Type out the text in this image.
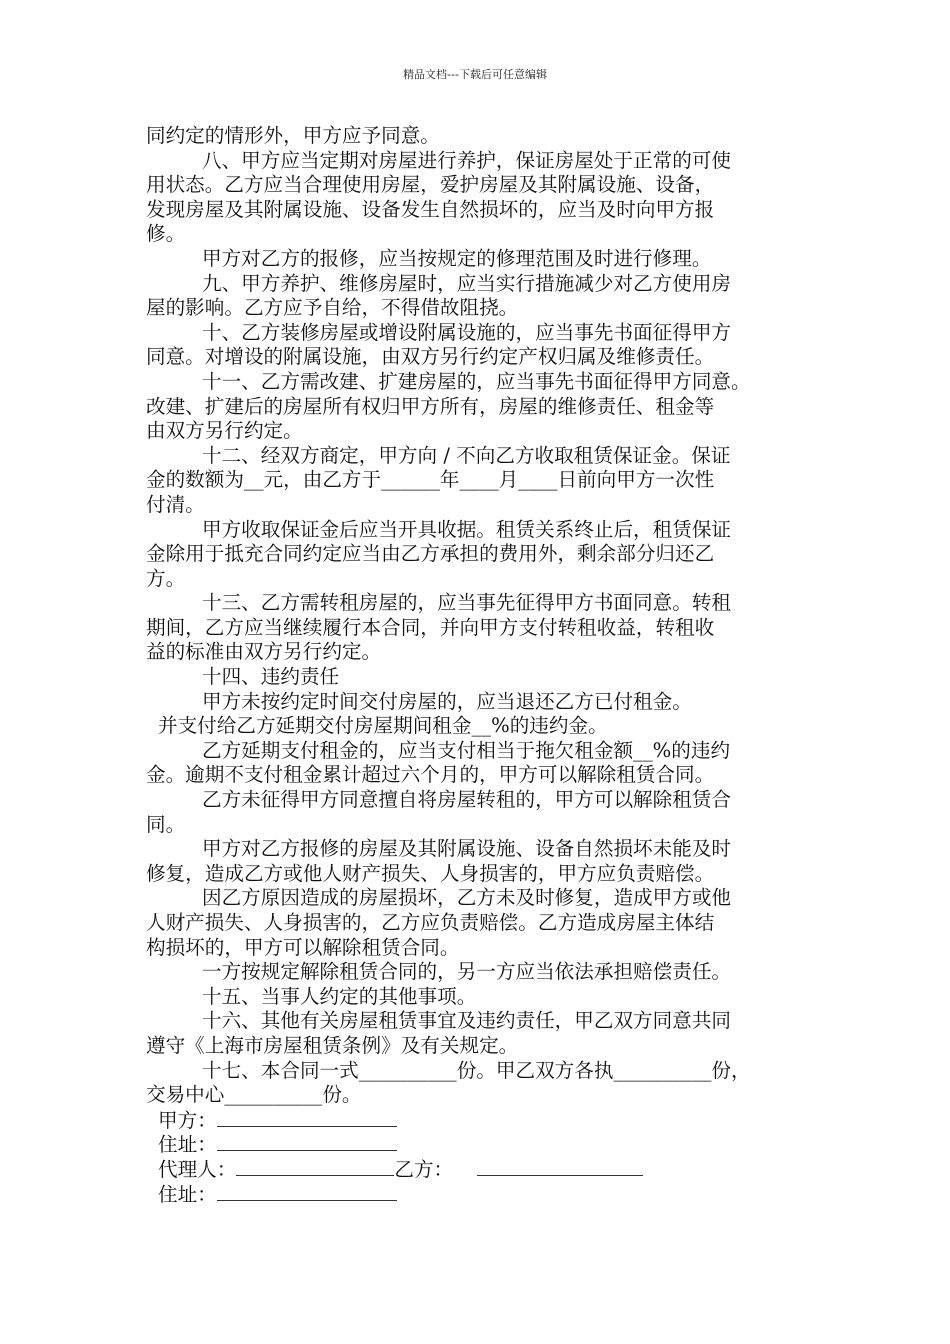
精品文档---下载后可任意编辑
同约定的情形外，甲方应予同意。
八、甲方应当定期对房屋进行养护，保证房屋处于正常的可使
用状态。乙方应当合理使用房屋，爱护房屋及其附属设施、设备，
发现房屋及其附属设施、设备发生自然损坏的，应当及时向甲方报
修。
甲方对乙方的报修，应当按规定的修理范围及时进行修理。
九、甲方养护、维修房屋时，应当实行措施减少对乙方使用房
屋的影响。乙方应予自给，不得借故阻挠。
十、乙方装修房屋或增设附属设施的，应当事先书面征得甲方
同意。对增设的附属设施，由双方另行约定产权归属及维修责任。
十一、乙方需改建、扩建房屋的，应当事先书面征得甲方同意。
改建、扩建后的房屋所有权归甲方所有，房屋的维修责任、租金等
由双方另行约定。
十二、经双方商定，甲方向 / 不向乙方收取租赁保证金。保证
金的数额为__元，由乙方于______年____月____日前向甲方一次性
付清。
甲方收取保证金后应当开具收据。租赁关系终止后，租赁保证
金除用于抵充合同约定应当由乙方承担的费用外，剩余部分归还乙
方。
十三、乙方需转租房屋的，应当事先征得甲方书面同意。转租
期间，乙方应当继续履行本合同，并向甲方支付转租收益，转租收
益的标准由双方另行约定。
十四、违约责任
甲方未按约定时间交付房屋的，应当退还乙方已付租金。
并支付给乙方延期交付房屋期间租金__%的违约金。
乙方延期支付租金的，应当支付相当于拖欠租金额__%的违约
金。逾期不支付租金累计超过六个月的，甲方可以解除租赁合同。
乙方未征得甲方同意擅自将房屋转租的，甲方可以解除租赁合
同。
甲方对乙方报修的房屋及其附属设施、设备自然损坏未能及时
修复，造成乙方或他人财产损失、人身损害的，甲方应负责赔偿。
因乙方原因造成的房屋损坏，乙方未及时修复，造成甲方或他
人财产损失、人身损害的，乙方应负责赔偿。乙方造成房屋主体结
构损坏的，甲方可以解除租赁合同。
一方按规定解除租赁合同的，另一方应当依法承担赔偿责任。
十五、当事人约定的其他事项。
十六、其他有关房屋租赁事宜及违约责任，甲乙双方同意共同
遵守《上海市房屋租赁条例》及有关规定。
十七、本合同一式__________份。甲乙双方各执__________份，
交易中心__________份。
甲方：
住址：
代理人：	乙方：
住址：
